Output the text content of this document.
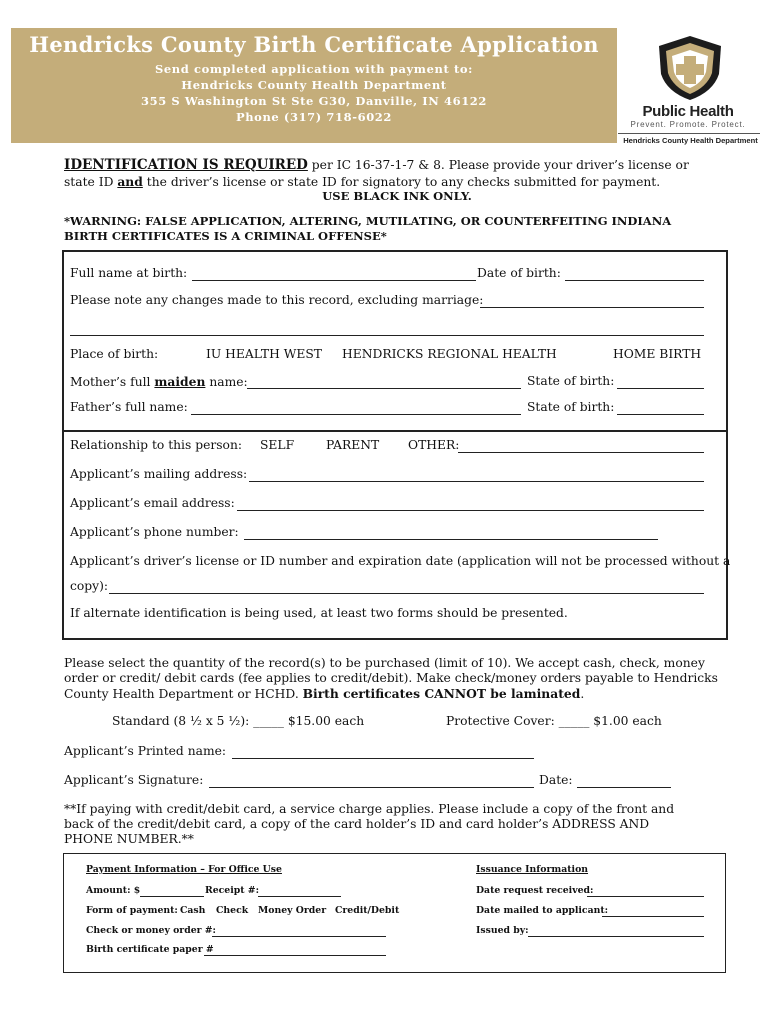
Hendricks County Birth Certificate Application
Send completed application with payment to:
Hendricks County Health Department
355 S Washington St Ste G30, Danville, IN 46122
Phone (317) 718-6022	Public Health
Prevent. Promote. Protect.
Hendricks County Health Department
IDENTIFICATION IS REQUIRED per IC 16-37-1-7 & 8. Please provide your driver’s license or
state ID and the driver’s license or state ID for signatory to any checks submitted for payment.
USE BLACK INK ONLY.
*WARNING: FALSE APPLICATION, ALTERING, MUTILATING, OR COUNTERFEITING INDIANA
BIRTH CERTIFICATES IS A CRIMINAL OFFENSE*
Full name at birth:	Date of birth:
Please note any changes made to this record, excluding marriage:
Place of birth:	IU HEALTH WEST HENDRICKS REGIONAL HEALTH	HOME BIRTH
Mother’s full maiden name:	State of birth:
Father’s full name:	State of birth:
Relationship to this person: SELF	PARENT OTHER:
Applicant’s mailing address:
Applicant’s email address:
Applicant’s phone number:
Applicant’s driver’s license or ID number and expiration date (application will not be processed without a
copy):
If alternate identification is being used, at least two forms should be presented.
Please select the quantity of the record(s) to be purchased (limit of 10). We accept cash, check, money
order or credit/ debit cards (fee applies to credit/debit). Make check/money orders payable to Hendricks
County Health Department or HCHD. Birth certificates CANNOT be laminated.
Standard (8 ½ x 5 ½): _____ $15.00 each	Protective Cover: _____ $1.00 each
Applicant’s Printed name:
Applicant’s Signature:	Date:
**If paying with credit/debit card, a service charge applies. Please include a copy of the front and
back of the credit/debit card, a copy of the card holder’s ID and card holder’s ADDRESS AND
PHONE NUMBER.**
Payment Information – For Office Use
Amount: $	Receipt #:
Form of payment: Cash Check Money Order Credit/Debit
Check or money order #:
Birth certificate paper #
Issuance Information
Date request received:
Date mailed to applicant:
Issued by:
